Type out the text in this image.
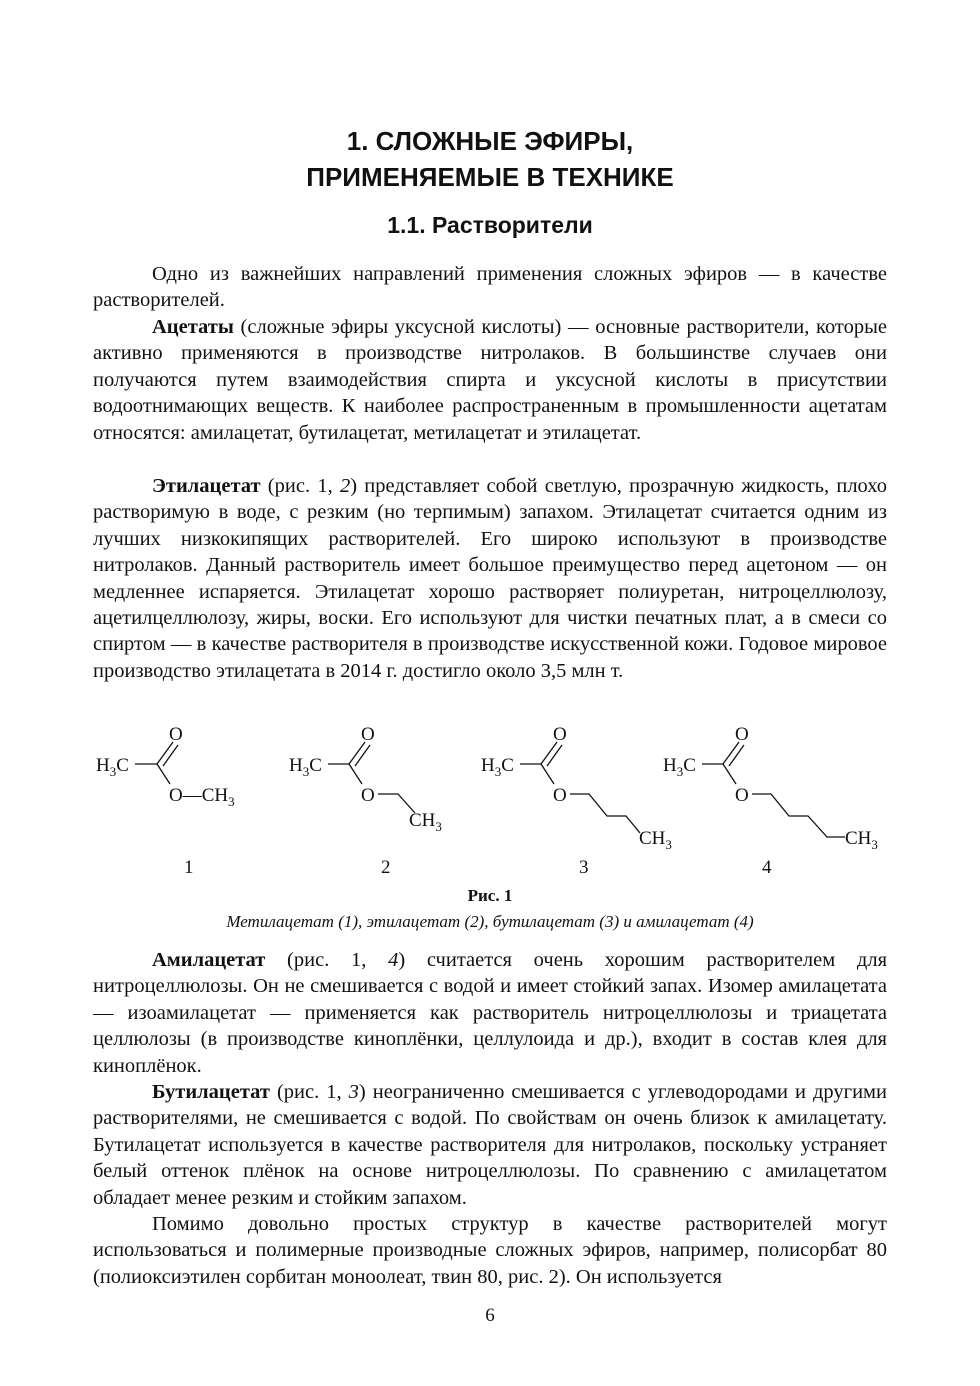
1. СЛОЖНЫЕ ЭФИРЫ,
ПРИМЕНЯЕМЫЕ В ТЕХНИКЕ
1.1. Растворители

Одно из важнейших направлений применения сложных эфиров — в качестве растворителей.

Ацетаты (сложные эфиры уксусной кислоты) — основные растворители, которые активно применяются в производстве нитролаков. В большинстве случаев они получаются путем взаимодействия спирта и уксусной кислоты в присутствии водоотнимающих веществ. К наиболее распространенным в промышленности ацетатам относятся: амилацетат, бутилацетат, метилацетат и этилацетат.

Этилацетат (рис. 1, 2) представляет собой светлую, прозрачную жидкость, плохо растворимую в воде, с резким (но терпимым) запахом. Этилацетат считается одним из лучших низкокипящих растворителей. Его широко используют в производстве нитролаков. Данный растворитель имеет большое преимущество перед ацетоном — он медленнее испаряется. Этилацетат хорошо растворяет полиуретан, нитроцеллюлозу, ацетилцеллюлозу, жиры, воски. Его используют для чистки печатных плат, а в смеси со спиртом — в качестве растворителя в производстве искусственной кожи. Годовое мировое производство этилацетата в 2014 г. достигло около 3,5 млн т.

$H_3C$
O
$O—CH_3$
$H_3C$
O
O
$CH_3$
$H_3C$
O
O
$CH_3$
$H_3C$
O
O
$CH_3$
1	2	3	4
Рис. 1
Метилацетат (1), этилацетат (2), бутилацетат (3) и амилацетат (4)

Амилацетат (рис. 1, 4) считается очень хорошим растворителем для нитроцеллюлозы. Он не смешивается с водой и имеет стойкий запах. Изомер амилацетата — изоамилацетат — применяется как растворитель нитроцеллюлозы и триацетата целлюлозы (в производстве киноплёнки, целлулоида и др.), входит в состав клея для киноплёнок.

Бутилацетат (рис. 1, 3) неограниченно смешивается с углеводородами и другими растворителями, не смешивается с водой. По свойствам он очень близок к амилацетату. Бутилацетат используется в качестве растворителя для нитролаков, поскольку устраняет белый оттенок плёнок на основе нитроцеллюлозы. По сравнению с амилацетатом обладает менее резким и стойким запахом.

Помимо довольно простых структур в качестве растворителей могут использоваться и полимерные производные сложных эфиров, например, полисорбат 80 (полиоксиэтилен сорбитан моноолеат, твин 80, рис. 2). Он используется

6
